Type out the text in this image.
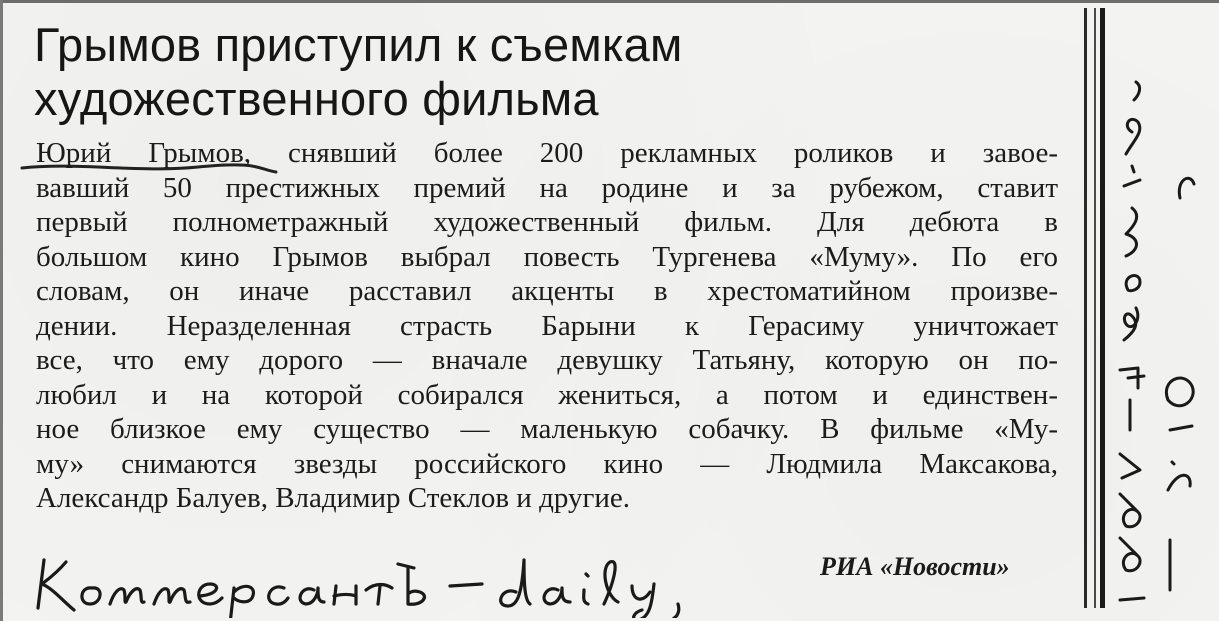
Грымов приступил к съемкам
художественного фильма
Юрий Грымов, снявший более 200 рекламных роликов и завое-
вавший 50 престижных премий на родине и за рубежом, ставит
первый полнометражный художественный фильм. Для дебюта в
большом кино Грымов выбрал повесть Тургенева «Муму». По его
словам, он иначе расставил акценты в хрестоматийном произве-
дении. Неразделенная страсть Барыни к Герасиму уничтожает
все, что ему дорого — вначале девушку Татьяну, которую он по-
любил и на которой собирался жениться, а потом и единствен-
ное близкое ему существо — маленькую собачку. В фильме «Му-
му» снимаются звезды российского кино — Людмила Максакова,
Александр Балуев, Владимир Стеклов и другие.
РИА «Новости»
